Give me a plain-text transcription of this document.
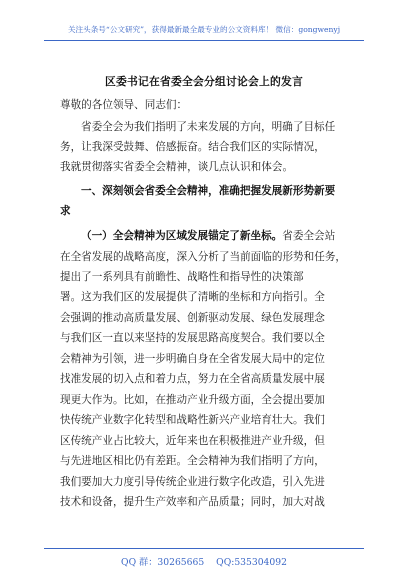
关注头条号“公文研究”，获得最新最全最专业的公文资料库！ 微信：gongwenyj
区委书记在省委全会分组讨论会上的发言
尊敬的各位领导、同志们：
省委全会为我们指明了未来发展的方向，明确了目标任
务，让我深受鼓舞、倍感振奋。结合我们区的实际情况，
我就贯彻落实省委全会精神，谈几点认识和体会。
一、深刻领会省委全会精神，准确把握发展新形势新要
求
（一）全会精神为区域发展锚定了新坐标。省委全会站
在全省发展的战略高度，深入分析了当前面临的形势和任务，
提出了一系列具有前瞻性、战略性和指导性的决策部
署。这为我们区的发展提供了清晰的坐标和方向指引。全
会强调的推动高质量发展、创新驱动发展、绿色发展理念
与我们区一直以来坚持的发展思路高度契合。我们要以全
会精神为引领，进一步明确自身在全省发展大局中的定位
找准发展的切入点和着力点，努力在全省高质量发展中展
现更大作为。比如，在推动产业升级方面，全会提出要加
快传统产业数字化转型和战略性新兴产业培育壮大。我们
区传统产业占比较大，近年来也在积极推进产业升级，但
与先进地区相比仍有差距。全会精神为我们指明了方向，
我们要加大力度引导传统企业进行数字化改造，引入先进
技术和设备，提升生产效率和产品质量；同时，加大对战
QQ 群：30265665 QQ:535304092
